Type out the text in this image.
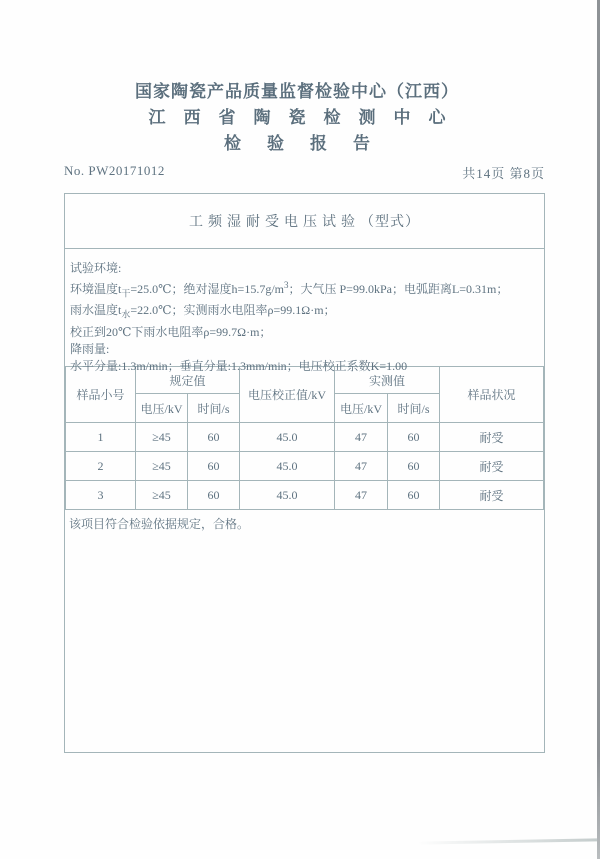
国家陶瓷产品质量监督检验中心（江西）
江西省陶瓷检测中心
检验报告
No. PW20171012	共14页 第8页
工频湿耐受电压试验 （型式）
试验环境:
环境温度$t_干=25.0℃$；绝对湿度$h=15.7g/m^3$；大气压 P=99.0kPa；电弧距离L=0.31m；
雨水温度$t_水=22.0℃$；实测雨水电阻率ρ=99.1Ω·m；
校正到20℃下雨水电阻率ρ=99.7Ω·m；
降雨量:
水平分量:1.3m/min；垂直分量:1.3mm/min；电压校正系数K=1.00
样品小号	规定值		电压校正值/kV	实测值		样品状况
	电压/kV	时间/s		电压/kV	时间/s	
1	≥45	60	45.0	47	60	耐受
2	≥45	60	45.0	47	60	耐受
3	≥45	60	45.0	47	60	耐受
该项目符合检验依据规定，合格。
